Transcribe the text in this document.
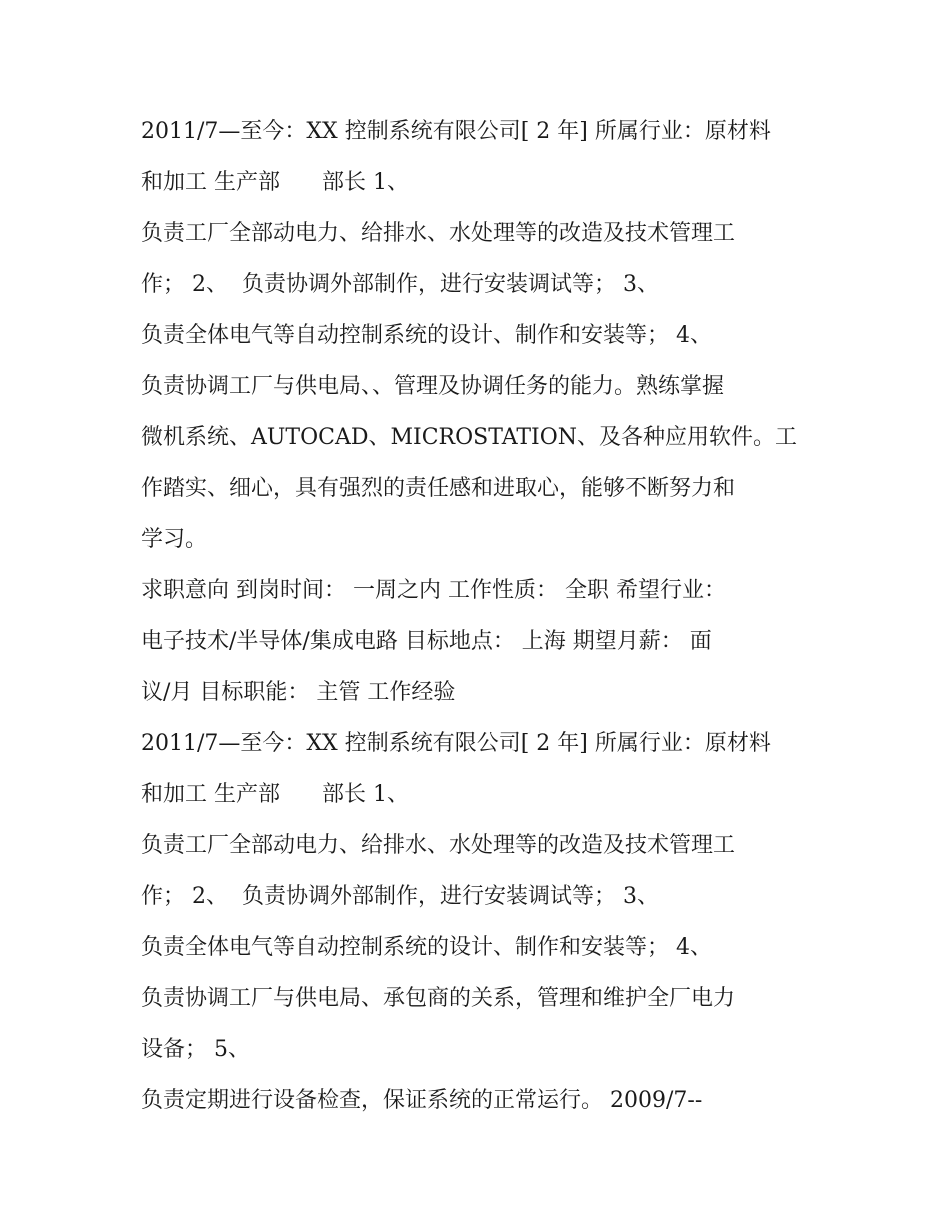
2011/7—至今：XX 控制系统有限公司[ 2 年] 所属行业：原材料
和加工 生产部      部长 1、
负责工厂全部动电力、给排水、水处理等的改造及技术管理工
作； 2、  负责协调外部制作，进行安装调试等； 3、
负责全体电气等自动控制系统的设计、制作和安装等； 4、
负责协调工厂与供电局、、管理及协调任务的能力。熟练掌握
微机系统、AUTOCAD、MICROSTATION、及各种应用软件。工
作踏实、细心，具有强烈的责任感和进取心，能够不断努力和
学习。
求职意向 到岗时间： 一周之内 工作性质： 全职 希望行业：
电子技术/半导体/集成电路 目标地点： 上海 期望月薪： 面
议/月 目标职能： 主管 工作经验
2011/7—至今：XX 控制系统有限公司[ 2 年] 所属行业：原材料
和加工 生产部      部长 1、
负责工厂全部动电力、给排水、水处理等的改造及技术管理工
作； 2、  负责协调外部制作，进行安装调试等； 3、
负责全体电气等自动控制系统的设计、制作和安装等； 4、
负责协调工厂与供电局、承包商的关系，管理和维护全厂电力
设备； 5、
负责定期进行设备检查，保证系统的正常运行。 2009/7--
